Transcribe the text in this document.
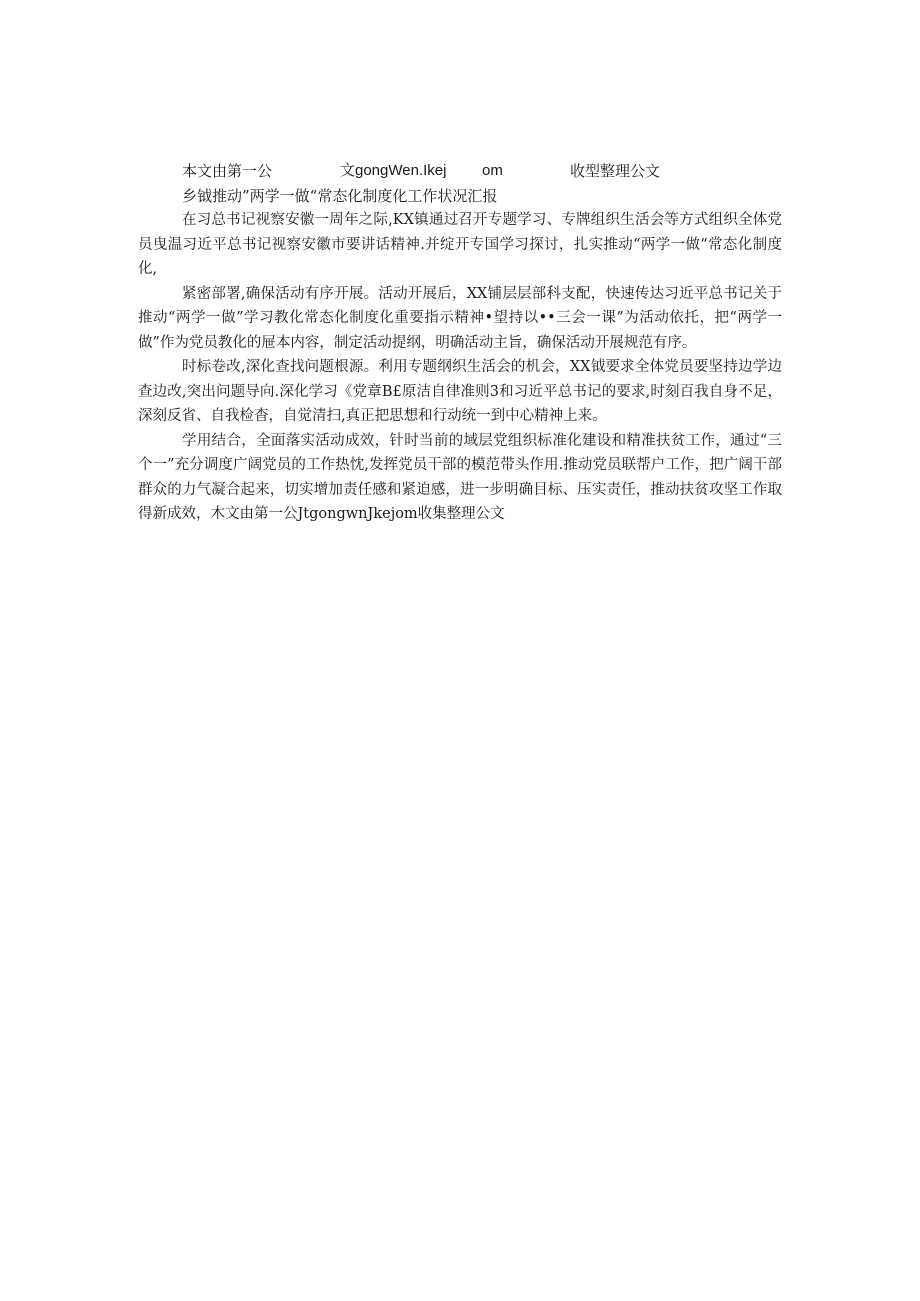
本文由第一公	文gongWen.Ikej om	收型整理公文
乡钺推动”两学一做“常态化制度化工作状况汇报

在习总书记视察安徽一周年之际,KX镇通过召开专题学习、专牌组织生活会等方式组织全体党员曳温习近平总书记视察安徽市要讲话精神.并绽开专国学习探讨，扎实推动“两学一做“常态化制度化,

紧密部署,确保活动有序开展。活动开展后，XX铺层层部科支配，快速传达习近平总书记关于推动“两学一做”学习教化常态化制度化重要指示精神•望持以••三会一课”为活动依托，把“两学一做”作为党员教化的屉本内容，制定活动提纲，明确活动主旨，确保活动开展规范有序。

时标卷改,深化查找问题根源。利用专题纲织生活会的机会，XX钺要求全体党员要坚持边学边查边改,突出问题导向.深化学习《党章B£原洁自律准则3和习近平总书记的要求,时刻百我自身不足，深刻反省、自我检杳，自觉清扫,真正把思想和行动统一到中心精神上来。

学用结合，全面落实活动成效，针时当前的域层党组织标准化建设和精准扶贫工作，通过“三个一”充分调度广阔党员的工作热忱,发挥党员干部的模范带头作用.推动党员联帮户工作，把广阔干部群众的力气凝合起来，切实增加责任感和紧迫感，进一步明确目标、压实责任，推动扶贫攻坚工作取得新成效，木文由第一公JtgongwnJkejom收集整理公文
